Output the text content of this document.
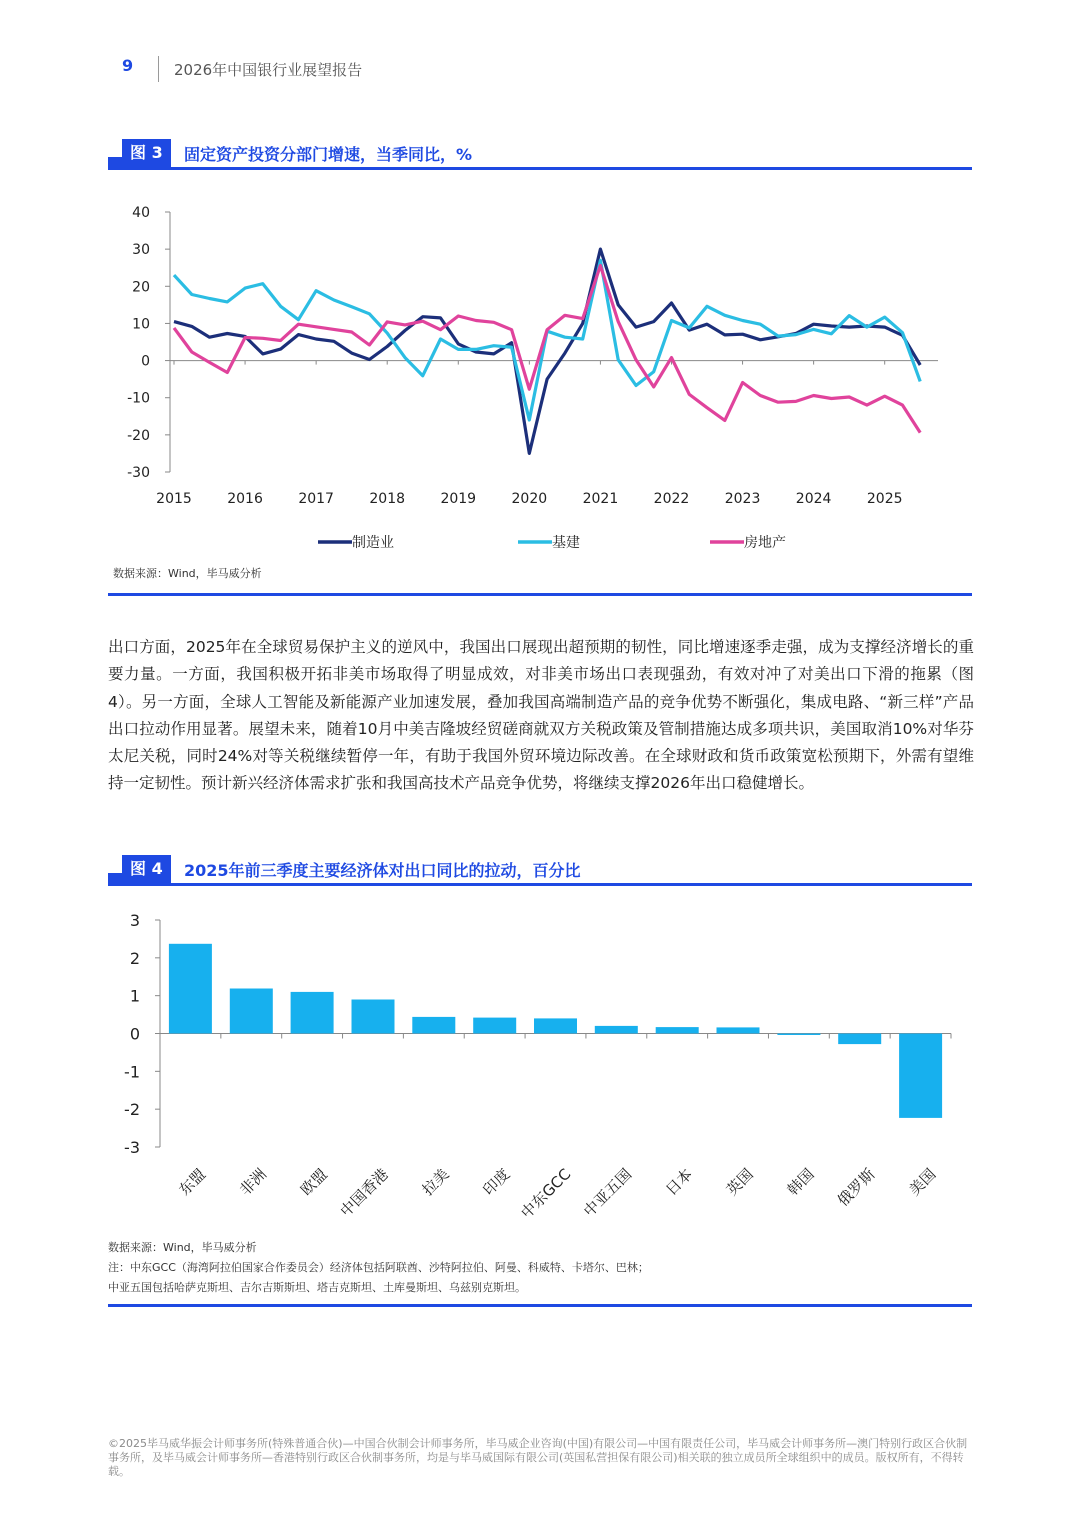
9	2026年中国银行业展望报告
图 3	固定资产投资分部门增速，当季同比，%
40
30
20
10
0
-10
-20
-30
2015	2016	2017	2018	2019	2020	2021	2022	2023	2024	2025
制造业	基建	房地产
数据来源：Wind，毕马威分析
出口方面，2025年在全球贸易保护主义的逆风中，我国出口展现出超预期的韧性，同比增速逐季走强，成为支撑经济增长的重要力量。一方面，我国积极开拓非美市场取得了明显成效，对非美市场出口表现强劲，有效对冲了对美出口下滑的拖累（图4）。另一方面，全球人工智能及新能源产业加速发展，叠加我国高端制造产品的竞争优势不断强化，集成电路、“新三样”产品出口拉动作用显著。展望未来，随着10月中美吉隆坡经贸磋商就双方关税政策及管制措施达成多项共识，美国取消10%对华芬太尼关税，同时24%对等关税继续暂停一年，有助于我国外贸环境边际改善。在全球财政和货币政策宽松预期下，外需有望维持一定韧性。预计新兴经济体需求扩张和我国高技术产品竞争优势，将继续支撑2026年出口稳健增长。
图 4	2025年前三季度主要经济体对出口同比的拉动，百分比
3
2
1
0
-1
-2
-3
东盟 非洲 欧盟 中国香港 拉美 印度 中东GCC 中亚五国 日本 英国 韩国 俄罗斯 美国
数据来源：Wind，毕马威分析
注：中东GCC（海湾阿拉伯国家合作委员会）经济体包括阿联酋、沙特阿拉伯、阿曼、科威特、卡塔尔、巴林；
中亚五国包括哈萨克斯坦、吉尔吉斯斯坦、塔吉克斯坦、土库曼斯坦、乌兹别克斯坦。
©2025毕马威华振会计师事务所(特殊普通合伙)—中国合伙制会计师事务所，毕马威企业咨询(中国)有限公司—中国有限责任公司，毕马威会计师事务所—澳门特别行政区合伙制事务所，及毕马威会计师事务所—香港特别行政区合伙制事务所，均是与毕马威国际有限公司(英国私营担保有限公司)相关联的独立成员所全球组织中的成员。版权所有，不得转载。
